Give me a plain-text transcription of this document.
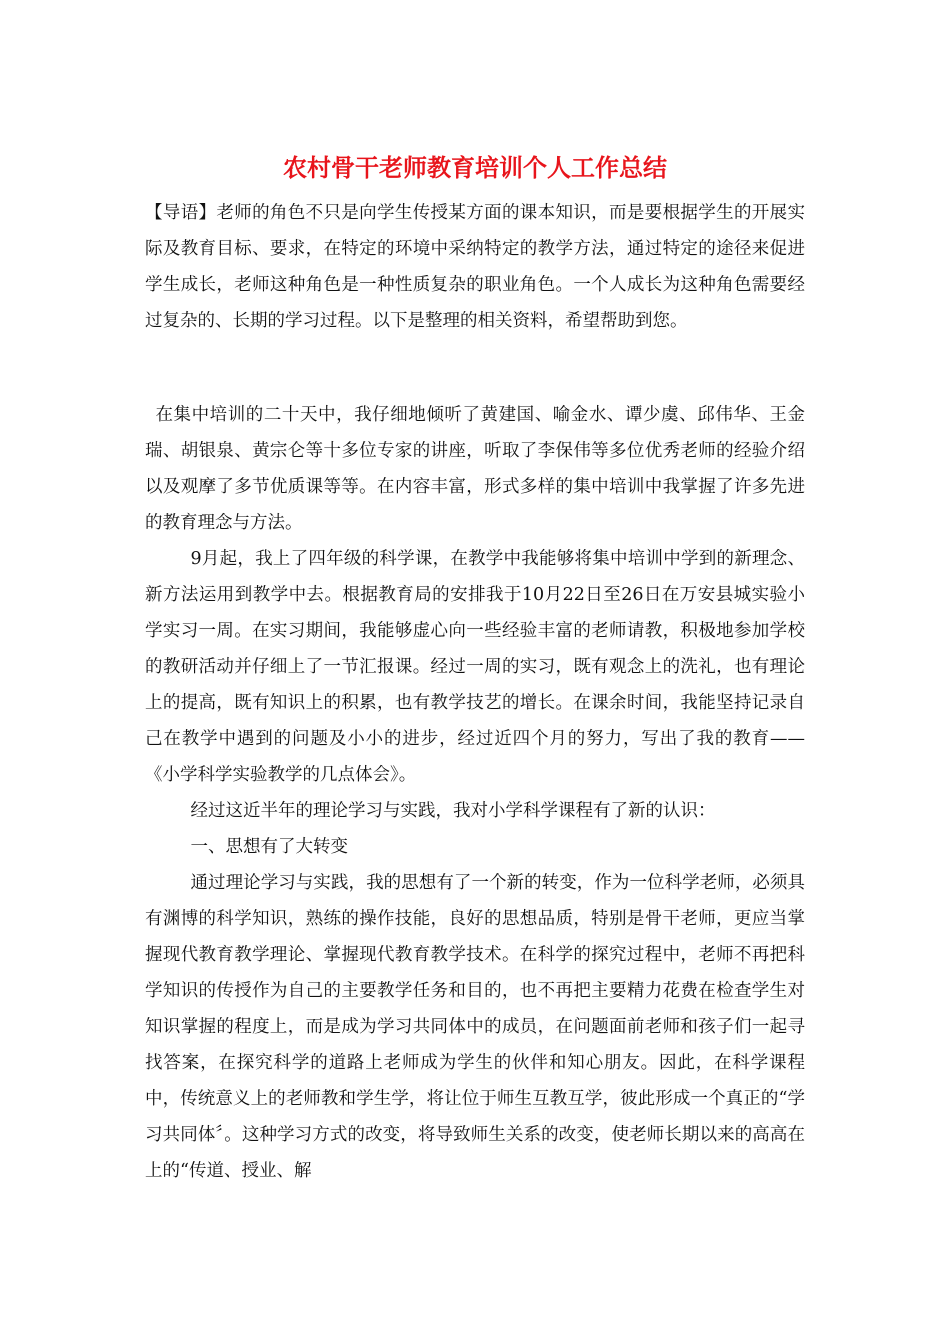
农村骨干老师教育培训个人工作总结

【导语】老师的角色不只是向学生传授某方面的课本知识，而是要根据学生的开展实际及教育目标、要求，在特定的环境中采纳特定的教学方法，通过特定的途径来促进学生成长，老师这种角色是一种性质复杂的职业角色。一个人成长为这种角色需要经过复杂的、长期的学习过程。以下是整理的相关资料，希望帮助到您。

在集中培训的二十天中，我仔细地倾听了黄建国、喻金水、谭少虞、邱伟华、王金瑞、胡银泉、黄宗仑等十多位专家的讲座，听取了李保伟等多位优秀老师的经验介绍以及观摩了多节优质课等等。在内容丰富，形式多样的集中培训中我掌握了许多先进的教育理念与方法。

9月起，我上了四年级的科学课，在教学中我能够将集中培训中学到的新理念、新方法运用到教学中去。根据教育局的安排我于10月22日至26日在万安县城实验小学实习一周。在实习期间，我能够虚心向一些经验丰富的老师请教，积极地参加学校的教研活动并仔细上了一节汇报课。经过一周的实习，既有观念上的洗礼，也有理论上的提高，既有知识上的积累，也有教学技艺的增长。在课余时间，我能坚持记录自己在教学中遇到的问题及小小的进步，经过近四个月的努力，写出了我的教育——《小学科学实验教学的几点体会》。

经过这近半年的理论学习与实践，我对小学科学课程有了新的认识：

一、思想有了大转变

通过理论学习与实践，我的思想有了一个新的转变，作为一位科学老师，必须具有渊博的科学知识，熟练的操作技能，良好的思想品质，特别是骨干老师，更应当掌握现代教育教学理论、掌握现代教育教学技术。在科学的探究过程中，老师不再把科学知识的传授作为自己的主要教学任务和目的，也不再把主要精力花费在检查学生对知识掌握的程度上，而是成为学习共同体中的成员，在问题面前老师和孩子们一起寻找答案，在探究科学的道路上老师成为学生的伙伴和知心朋友。因此，在科学课程中，传统意义上的老师教和学生学，将让位于师生互教互学，彼此形成一个真正的“学习共同体〞。这种学习方式的改变，将导致师生关系的改变，使老师长期以来的高高在上的“传道、授业、解
